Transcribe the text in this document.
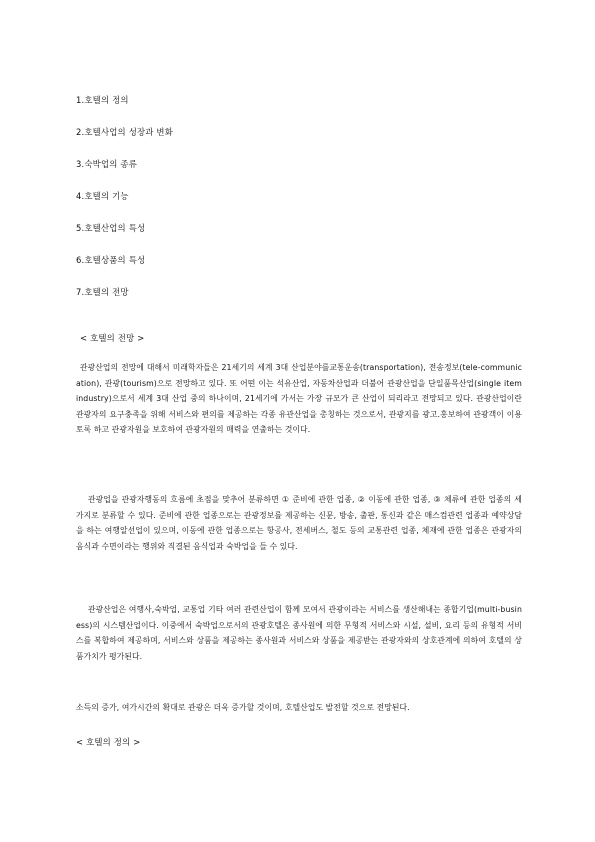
1.호텔의 정의
2.호텔사업의 성장과 변화
3.숙박업의 종류
4.호텔의 기능
5.호텔산업의 특성
6.호텔상품의 특성
7.호텔의 전망
< 호텔의 전망 >

관광산업의 전망에 대해서 미래학자들은 21세기의 세계 3대 산업분야를교통운송(transportation), 전송정보(tele-communication), 관광(tourism)으로 전망하고 있다. 또 어떤 이는 석유산업, 자동차산업과 더불어 관광산업을 단일품목산업(single item industry)으로서 세계 3대 산업 중의 하나이며, 21세기에 가서는 가장 규모가 큰 산업이 되리라고 전망되고 있다. 관광산업이란 관광자의 요구충족을 위해 서비스와 편의를 제공하는 각종 유관산업을 총칭하는 것으로서, 관광지를 광고.홍보하여 관광객이 이용토록 하고 관광자원을 보호하여 관광자원의 매력을 연출하는 것이다.

관광업을 관광자행동의 흐름에 초점을 맞추어 분류하면 ① 준비에 관한 업종, ② 이동에 관한 업종, ③ 체류에 관한 업종의 세 가지로 분류할 수 있다. 준비에 관한 업종으로는 관광정보를 제공하는 신문, 방송, 출판, 통신과 같은 매스컴관련 업종과 예약상담을 하는 여행알선업이 있으며, 이동에 관한 업종으로는 항공사, 전세버스, 철도 등의 교통관련 업종, 체재에 관한 업종은 관광자의 음식과 수면이라는 행위와 직결된 음식업과 숙박업을 들 수 있다.

관광산업은 여행사,숙박업, 교통업 기타 여러 관련산업이 함께 모여서 관광이라는 서비스를 생산해내는 종합기업(multi-business)의 시스템산업이다. 이중에서 숙박업으로서의 관광호텔은 종사원에 의한 무형적 서비스와 시설, 설비, 요리 등의 유형적 서비스를 복합하여 제공하며, 서비스와 상품을 제공하는 종사원과 서비스와 상품을 제공받는 관광자와의 상호관계에 의하여 호텔의 상품가치가 평가된다.

소득의 증가, 여가시간의 확대로 관광은 더욱 증가할 것이며, 호텔산업도 발전할 것으로 전망된다.

< 호텔의 정의 >
